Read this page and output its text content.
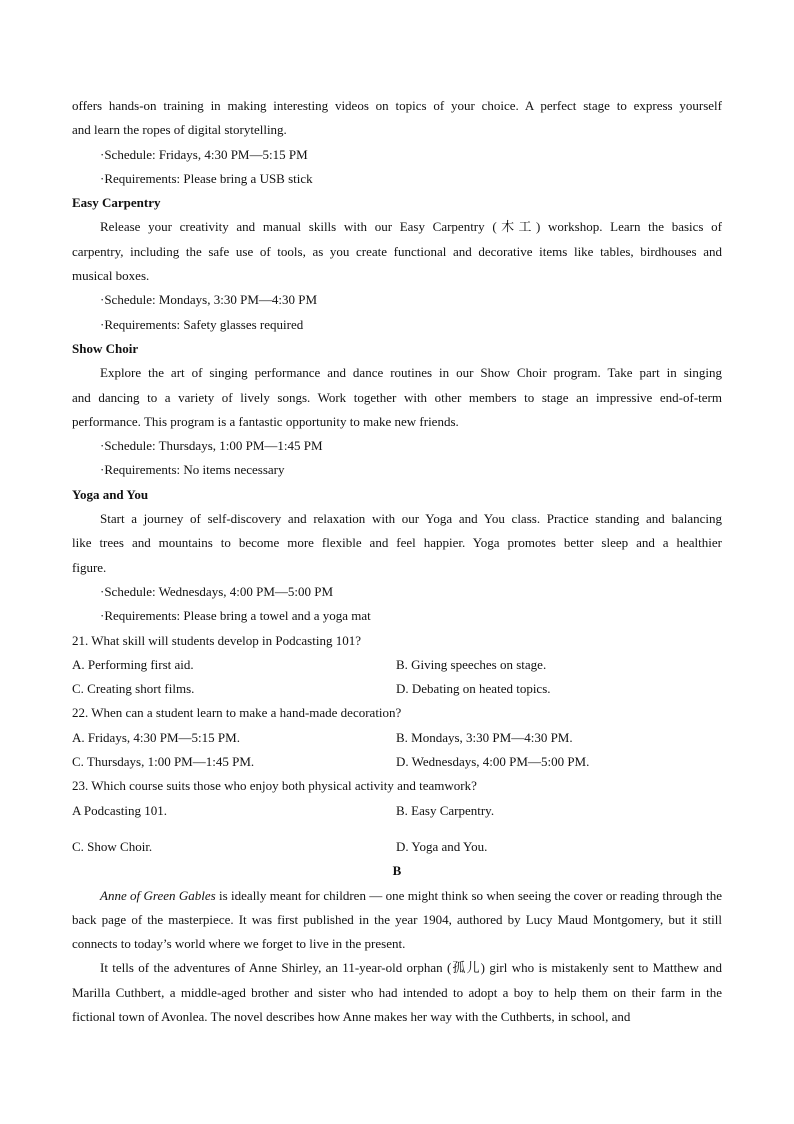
offers hands-on training in making interesting videos on topics of your choice. A perfect stage to express yourself
and learn the ropes of digital storytelling.
·Schedule: Fridays, 4:30 PM—5:15 PM
·Requirements: Please bring a USB stick
Easy Carpentry
Release your creativity and manual skills with our Easy Carpentry (木工) workshop. Learn the basics of
carpentry, including the safe use of tools, as you create functional and decorative items like tables, birdhouses and
musical boxes.
·Schedule: Mondays, 3:30 PM—4:30 PM
·Requirements: Safety glasses required
Show Choir
Explore the art of singing performance and dance routines in our Show Choir program. Take part in singing
and dancing to a variety of lively songs. Work together with other members to stage an impressive end-of-term
performance. This program is a fantastic opportunity to make new friends.
·Schedule: Thursdays, 1:00 PM—1:45 PM
·Requirements: No items necessary
Yoga and You
Start a journey of self-discovery and relaxation with our Yoga and You class. Practice standing and balancing
like trees and mountains to become more flexible and feel happier. Yoga promotes better sleep and a healthier
figure.
·Schedule: Wednesdays, 4:00 PM—5:00 PM
·Requirements: Please bring a towel and a yoga mat
21. What skill will students develop in Podcasting 101?
A. Performing first aid.	B. Giving speeches on stage.
C. Creating short films.	D. Debating on heated topics.
22. When can a student learn to make a hand-made decoration?
A. Fridays, 4:30 PM—5:15 PM.	B. Mondays, 3:30 PM—4:30 PM.
C. Thursdays, 1:00 PM—1:45 PM.	D. Wednesdays, 4:00 PM—5:00 PM.
23. Which course suits those who enjoy both physical activity and teamwork?
A Podcasting 101.	B. Easy Carpentry.
C. Show Choir.	D. Yoga and You.
B

Anne of Green Gables is ideally meant for children — one might think so when seeing the cover or reading through the back page of the masterpiece. It was first published in the year 1904, authored by Lucy Maud Montgomery, but it still connects to today’s world where we forget to live in the present.

It tells of the adventures of Anne Shirley, an 11-year-old orphan (孤儿) girl who is mistakenly sent to Matthew and Marilla Cuthbert, a middle-aged brother and sister who had intended to adopt a boy to help them on their farm in the fictional town of Avonlea. The novel describes how Anne makes her way with the Cuthberts, in school, and
